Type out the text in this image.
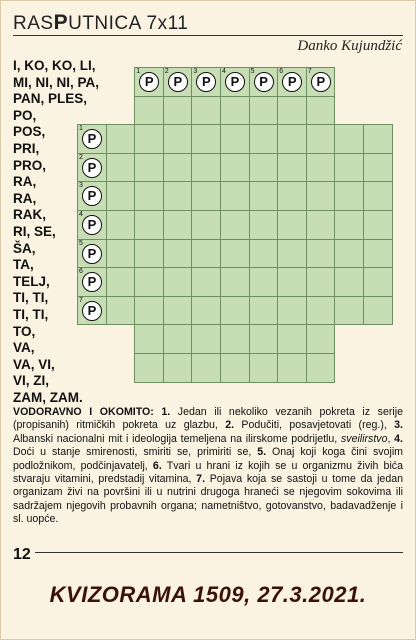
RASPUTNICA 7x11
Danko Kujundžić
I, KO, KO, LI,
MI, NI, NI, PA,
PAN, PLES,
PO,
POS,
PRI,
PRO,
RA,
RA,
RAK,
RI, SE,
ŠA,
TA,
TELJ,
TI, TI,
TI, TI,
TO,
VA,
VA, VI,
VI, ZI,
ZAM, ZAM.
1
P
2
P
3
P
4
P
5
P
6
P
7
P
1
P
2
P
3
P
4
P
5
P
6
P
7
P
VODORAVNO I OKOMITO: 1. Jedan ili nekoliko vezanih pokreta iz serije (propisanih) ritmičkih pokreta uz glazbu, 2. Podučiti, posavjetovati (reg.), 3. Albanski nacionalni mit i ideologija temeljena na ilirskome podrijetlu, sveilirstvo, 4. Doći u stanje smirenosti, smiriti se, primiriti se, 5. Onaj koji koga čini svojim podložnikom, podčinjavatelj, 6. Tvari u hrani iz kojih se u organizmu živih bića stvaraju vitamini, predstadij vitamina, 7. Pojava koja se sastoji u tome da jedan organizam živi na površini ili u nutrini drugoga hraneći se njegovim sokovima ili sadržajem njegovih probavnih organa; nametništvo, gotovanstvo, badavadženje i sl. uopće.
12
KVIZORAMA 1509, 27.3.2021.
